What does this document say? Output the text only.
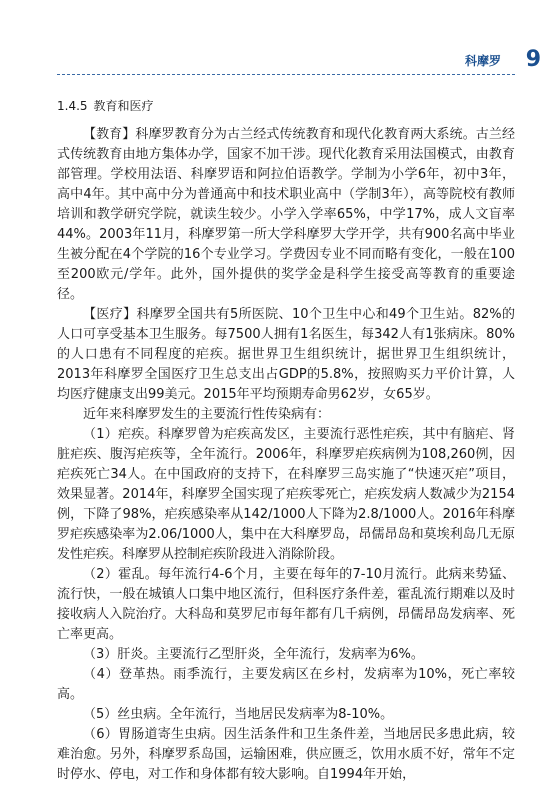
科摩罗 9
1.4.5 教育和医疗

【教育】科摩罗教育分为古兰经式传统教育和现代化教育两大系统。古兰经式传统教育由地方集体办学，国家不加干涉。现代化教育采用法国模式，由教育部管理。学校用法语、科摩罗语和阿拉伯语教学。学制为小学6年，初中3年，高中4年。其中高中分为普通高中和技术职业高中（学制3年），高等院校有教师培训和教学研究学院，就读生较少。小学入学率65%，中学17%，成人文盲率44%。2003年11月，科摩罗第一所大学科摩罗大学开学，共有900名高中毕业生被分配在4个学院的16个专业学习。学费因专业不同而略有变化，一般在100至200欧元/学年。此外，国外提供的奖学金是科学生接受高等教育的重要途径。

【医疗】科摩罗全国共有5所医院、10个卫生中心和49个卫生站。82%的人口可享受基本卫生服务。每7500人拥有1名医生，每342人有1张病床。80%的人口患有不同程度的疟疾。据世界卫生组织统计，据世界卫生组织统计，2013年科摩罗全国医疗卫生总支出占GDP的5.8%，按照购买力平价计算，人均医疗健康支出99美元。2015年平均预期寿命男62岁，女65岁。

近年来科摩罗发生的主要流行性传染病有：

（1）疟疾。科摩罗曾为疟疾高发区，主要流行恶性疟疾，其中有脑疟、肾脏疟疾、腹泻疟疾等，全年流行。2006年，科摩罗疟疾病例为108,260例，因疟疾死亡34人。在中国政府的支持下，在科摩罗三岛实施了“快速灭疟”项目，效果显著。2014年，科摩罗全国实现了疟疾零死亡，疟疾发病人数减少为2154例，下降了98%，疟疾感染率从142/1000人下降为2.8/1000人。2016年科摩罗疟疾感染率为2.06/1000人，集中在大科摩罗岛，昂儒昂岛和莫埃利岛几无原发性疟疾。科摩罗从控制疟疾阶段进入消除阶段。

（2）霍乱。每年流行4-6个月，主要在每年的7-10月流行。此病来势猛、流行快，一般在城镇人口集中地区流行，但科医疗条件差，霍乱流行期难以及时接收病人入院治疗。大科岛和莫罗尼市每年都有几千病例，昂儒昂岛发病率、死亡率更高。

（3）肝炎。主要流行乙型肝炎，全年流行，发病率为6%。

（4）登革热。雨季流行，主要发病区在乡村，发病率为10%，死亡率较高。

（5）丝虫病。全年流行，当地居民发病率为8-10%。

（6）胃肠道寄生虫病。因生活条件和卫生条件差，当地居民多患此病，较难治愈。另外，科摩罗系岛国，运输困难，供应匮乏，饮用水质不好，常年不定时停水、停电，对工作和身体都有较大影响。自1994年开始，
